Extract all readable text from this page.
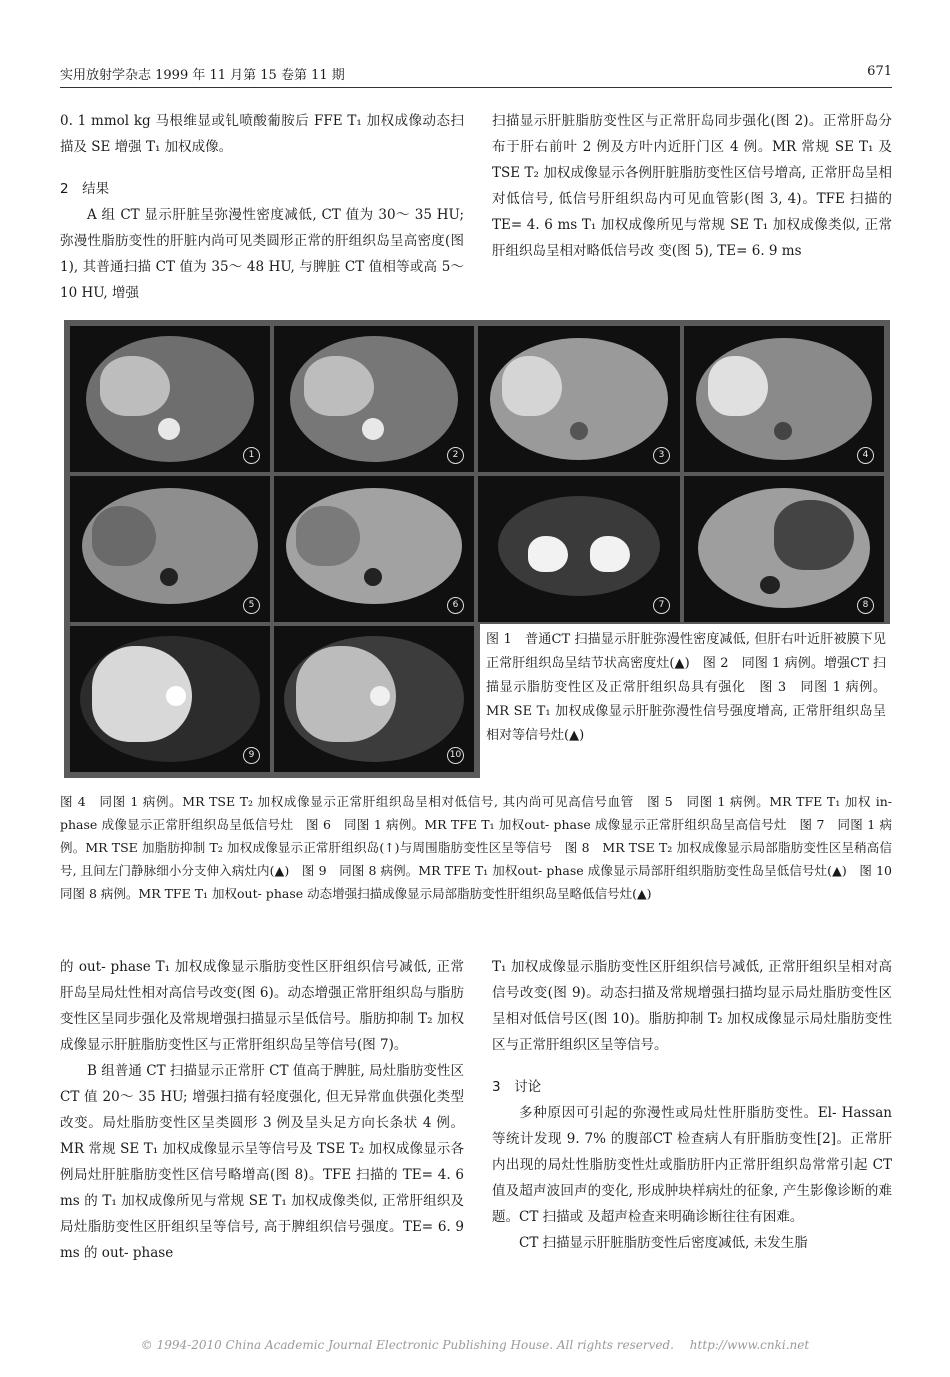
实用放射学杂志 1999 年 11 月第 15 卷第 11 期	671

0. 1 mmol kg 马根维显或钆喷酸葡胺后 FFE T₁ 加权成像动态扫描及 SE 增强 T₁ 加权成像。

2　结果

A 组 CT 显示肝脏呈弥漫性密度减低, CT 值为 30～ 35 HU; 弥漫性脂肪变性的肝脏内尚可见类圆形正常的肝组织岛呈高密度(图 1), 其普通扫描 CT 值为 35～ 48 HU, 与脾脏 CT 值相等或高 5～ 10 HU, 增强

扫描显示肝脏脂肪变性区与正常肝岛同步强化(图 2)。正常肝岛分布于肝右前叶 2 例及方叶内近肝门区 4 例。MR 常规 SE T₁ 及 TSE T₂ 加权成像显示各例肝脏脂肪变性区信号增高, 正常肝岛呈相对低信号, 低信号肝组织岛内可见血管影(图 3, 4)。TFE 扫描的 TE= 4. 6 ms T₁ 加权成像所见与常规 SE T₁ 加权成像类似, 正常肝组织岛呈相对略低信号改 变(图 5), TE= 6. 9 ms

1	2	3	4
5	6	7	8
9	10

图 1　普通CT 扫描显示肝脏弥漫性密度减低, 但肝右叶近肝被膜下见正常肝组织岛呈结节状高密度灶(▲)　图 2　同图 1 病例。增强CT 扫描显示脂肪变性区及正常肝组织岛具有强化　图 3　同图 1 病例。MR SE T₁ 加权成像显示肝脏弥漫性信号强度增高, 正常肝组织岛呈相对等信号灶(▲)

图 4　同图 1 病例。MR TSE T₂ 加权成像显示正常肝组织岛呈相对低信号, 其内尚可见高信号血管　图 5　同图 1 病例。MR TFE T₁ 加权 in- phase 成像显示正常肝组织岛呈低信号灶　图 6　同图 1 病例。MR TFE T₁ 加权out- phase 成像显示正常肝组织岛呈高信号灶　图 7　同图 1 病例。MR TSE 加脂肪抑制 T₂ 加权成像显示正常肝组织岛(↑)与周围脂肪变性区呈等信号　图 8　MR TSE T₂ 加权成像显示局部脂肪变性区呈稍高信号, 且间左门静脉细小分支伸入病灶内(▲)　图 9　同图 8 病例。MR TFE T₁ 加权out- phase 成像显示局部肝组织脂肪变性岛呈低信号灶(▲)　图 10　同图 8 病例。MR TFE T₁ 加权out- phase 动态增强扫描成像显示局部脂肪变性肝组织岛呈略低信号灶(▲)

的 out- phase T₁ 加权成像显示脂肪变性区肝组织信号减低, 正常肝岛呈局灶性相对高信号改变(图 6)。动态增强正常肝组织岛与脂肪变性区呈同步强化及常规增强扫描显示呈低信号。脂肪抑制 T₂ 加权成像显示肝脏脂肪变性区与正常肝组织岛呈等信号(图 7)。

B 组普通 CT 扫描显示正常肝 CT 值高于脾脏, 局灶脂肪变性区 CT 值 20～ 35 HU; 增强扫描有轻度强化, 但无异常血供强化类型改变。局灶脂肪变性区呈类圆形 3 例及呈头足方向长条状 4 例。MR 常规 SE T₁ 加权成像显示呈等信号及 TSE T₂ 加权成像显示各例局灶肝脏脂肪变性区信号略增高(图 8)。TFE 扫描的 TE= 4. 6 ms 的 T₁ 加权成像所见与常规 SE T₁ 加权成像类似, 正常肝组织及局灶脂肪变性区肝组织呈等信号, 高于脾组织信号强度。TE= 6. 9 ms 的 out- phase

T₁ 加权成像显示脂肪变性区肝组织信号减低, 正常肝组织呈相对高信号改变(图 9)。动态扫描及常规增强扫描均显示局灶脂肪变性区呈相对低信号区(图 10)。脂肪抑制 T₂ 加权成像显示局灶脂肪变性区与正常肝组织区呈等信号。

3　讨论

多种原因可引起的弥漫性或局灶性肝脂肪变性。El- Hassan 等统计发现 9. 7% 的腹部CT 检查病人有肝脂肪变性[2]。正常肝内出现的局灶性脂肪变性灶或脂肪肝内正常肝组织岛常常引起 CT 值及超声波回声的变化, 形成肿块样病灶的征象, 产生影像诊断的难题。CT 扫描或 及超声检查来明确诊断往往有困难。

CT 扫描显示肝脏脂肪变性后密度减低, 未发生脂

© 1994-2010 China Academic Journal Electronic Publishing House. All rights reserved.　 http://www.cnki.net
